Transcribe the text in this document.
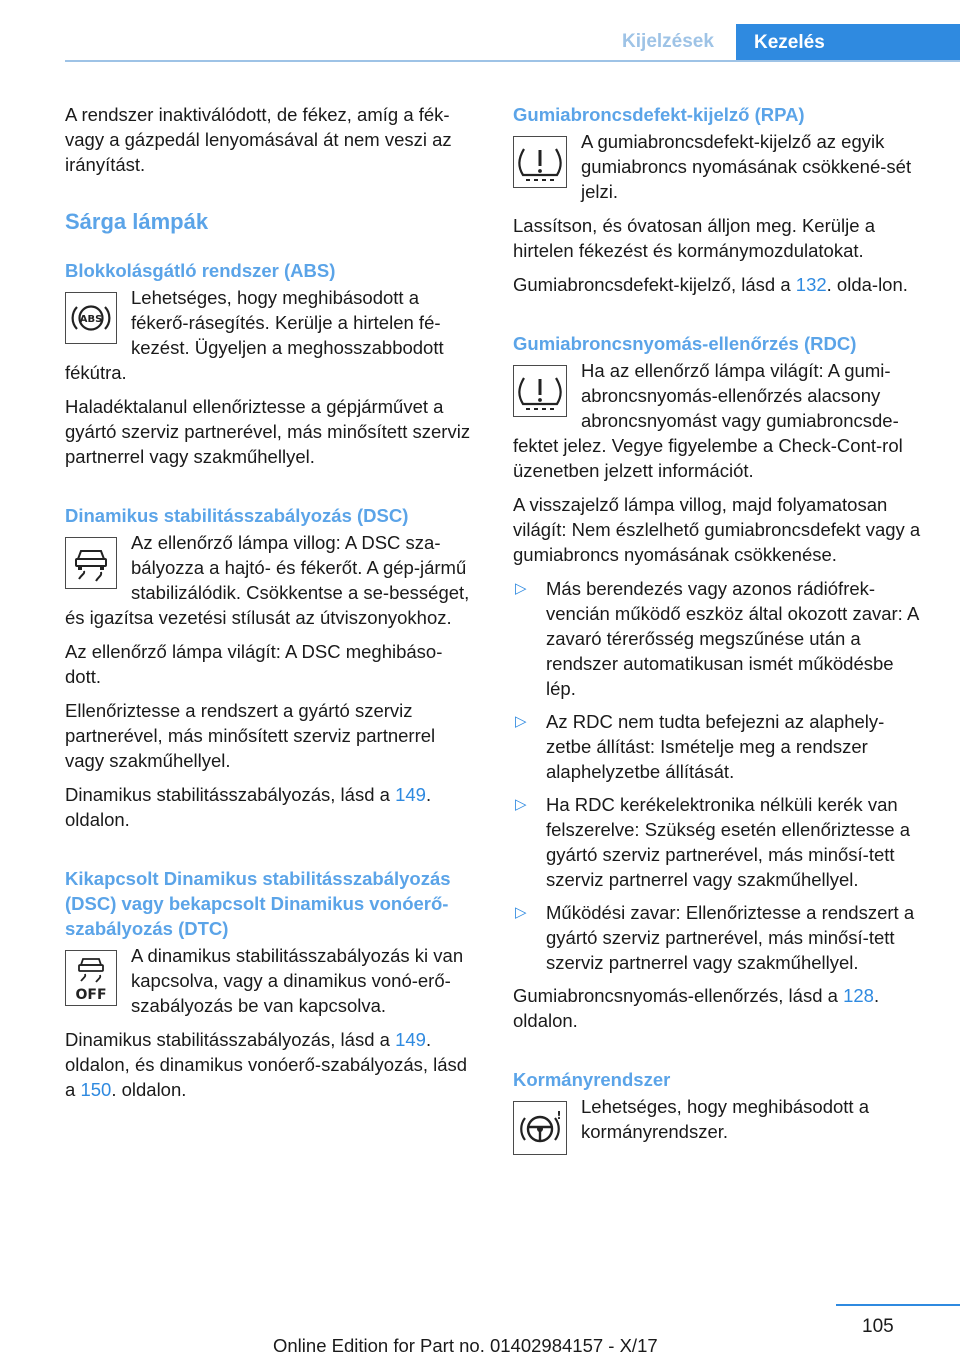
Kijelzések	Kezelés

A rendszer inaktiválódott, de fékez, amíg a fék- vagy a gázpedál lenyomásával át nem veszi az irányítást.

Sárga lámpák
Blokkolásgátló rendszer (ABS)
ABS

Lehetséges, hogy meghibásodott a fékerő-rásegítés. Kerülje a hirtelen fé-kezést. Ügyeljen a meghosszabbodott fékútra.

Haladéktalanul ellenőriztesse a gépjárművet a gyártó szerviz partnerével, más minősített szerviz partnerrel vagy szakműhellyel.

Dinamikus stabilitásszabályozás (DSC)

Az ellenőrző lámpa villog: A DSC sza-bályozza a hajtó- és fékerőt. A gép-jármű stabilizálódik. Csökkentse a se-bességet, és igazítsa vezetési stílusát az útviszonyokhoz.

Az ellenőrző lámpa világít: A DSC meghibáso-dott.

Ellenőriztesse a rendszert a gyártó szerviz partnerével, más minősített szerviz partnerrel vagy szakműhellyel.

Dinamikus stabilitásszabályozás, lásd a 149. oldalon.

Kikapcsolt Dinamikus stabilitásszabályozás (DSC) vagy bekapcsolt Dinamikus vonóerő-szabályozás (DTC)
OFF

A dinamikus stabilitásszabályozás ki van kapcsolva, vagy a dinamikus vonó-erő-szabályozás be van kapcsolva.

Dinamikus stabilitásszabályozás, lásd a 149. oldalon, és dinamikus vonóerő-szabályozás, lásd a 150. oldalon.

Gumiabroncsdefekt-kijelző (RPA)

A gumiabroncsdefekt-kijelző az egyik gumiabroncs nyomásának csökkené-sét jelzi.

Lassítson, és óvatosan álljon meg. Kerülje a hirtelen fékezést és kormánymozdulatokat.

Gumiabroncsdefekt-kijelző, lásd a 132. olda-lon.

Gumiabroncsnyomás-ellenőrzés (RDC)

Ha az ellenőrző lámpa világít: A gumi-abroncsnyomás-ellenőrzés alacsony abroncsnyomást vagy gumiabroncsde-fektet jelez. Vegye figyelembe a Check-Cont-rol üzenetben jelzett információt.

A visszajelző lámpa villog, majd folyamatosan világít: Nem észlelhető gumiabroncsdefekt vagy a gumiabroncs nyomásának csökkenése.

▷ Más berendezés vagy azonos rádiófrek-vencián működő eszköz által okozott zavar: A zavaró térerősség megszűnése után a rendszer automatikusan ismét működésbe lép.
▷ Az RDC nem tudta befejezni az alaphely-zetbe állítást: Ismételje meg a rendszer alaphelyzetbe állítását.
▷ Ha RDC kerékelektronika nélküli kerék van felszerelve: Szükség esetén ellenőriztesse a gyártó szerviz partnerével, más minősí-tett szerviz partnerrel vagy szakműhellyel.
▷ Működési zavar: Ellenőriztesse a rendszert a gyártó szerviz partnerével, más minősí-tett szerviz partnerrel vagy szakműhellyel.

Gumiabroncsnyomás-ellenőrzés, lásd a 128. oldalon.

Kormányrendszer
!	Lehetséges, hogy meghibásodott a kormányrendszer.

105
Online Edition for Part no. 01402984157 - X/17
